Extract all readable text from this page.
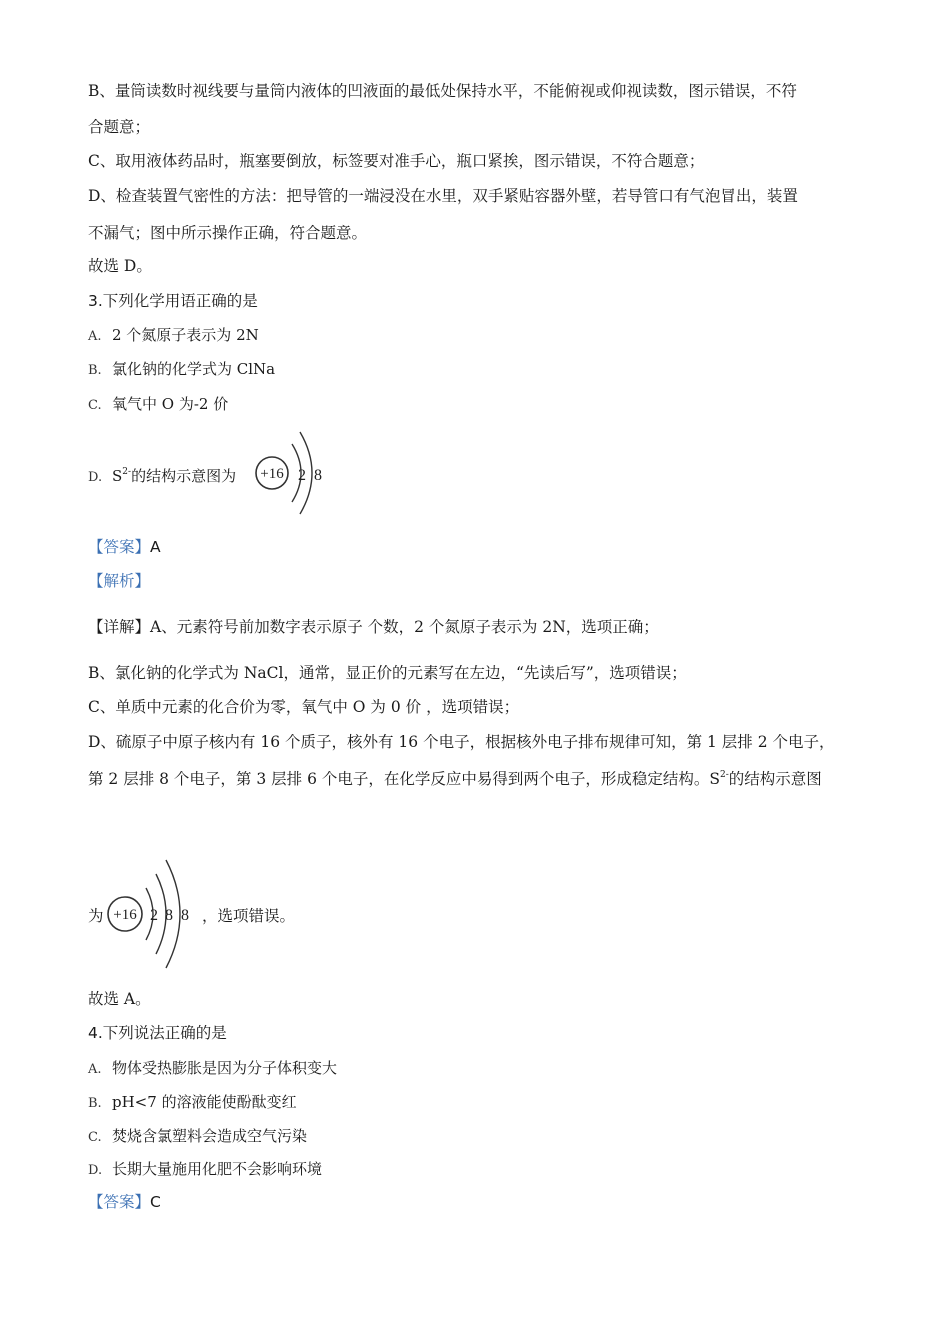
B、量筒读数时视线要与量筒内液体的凹液面的最低处保持水平，不能俯视或仰视读数，图示错误，不符
合题意；
C、取用液体药品时，瓶塞要倒放，标签要对准手心，瓶口紧挨，图示错误，不符合题意；
D、检查装置气密性的方法：把导管的一端浸没在水里，双手紧贴容器外壁，若导管口有气泡冒出，装置
不漏气；图中所示操作正确，符合题意。
故选 D。
3.下列化学用语正确的是
A. 2 个氮原子表示为 2N
B. 氯化钠的化学式为 ClNa
C. 氧气中 O 为-2 价
D. $S^{2-}$的结构示意图为 +16 2 8
【答案】A
【解析】
【详解】A、元素符号前加数字表示原子 个数，2 个氮原子表示为 2N，选项正确；
B、氯化钠的化学式为 NaCl，通常，显正价的元素写在左边，“先读后写”，选项错误；
C、单质中元素的化合价为零，氧气中 O 为 0 价 ，选项错误；
D、硫原子中原子核内有 16 个质子，核外有 16 个电子，根据核外电子排布规律可知，第 1 层排 2 个电子，
第 2 层排 8 个电子，第 3 层排 6 个电子，在化学反应中易得到两个电子，形成稳定结构。$S^{2-}$的结构示意图
为 +16 2 8 8 ，选项错误。
故选 A。
4.下列说法正确的是
A. 物体受热膨胀是因为分子体积变大
B. pH<7 的溶液能使酚酞变红
C. 焚烧含氯塑料会造成空气污染
D. 长期大量施用化肥不会影响环境
【答案】C
